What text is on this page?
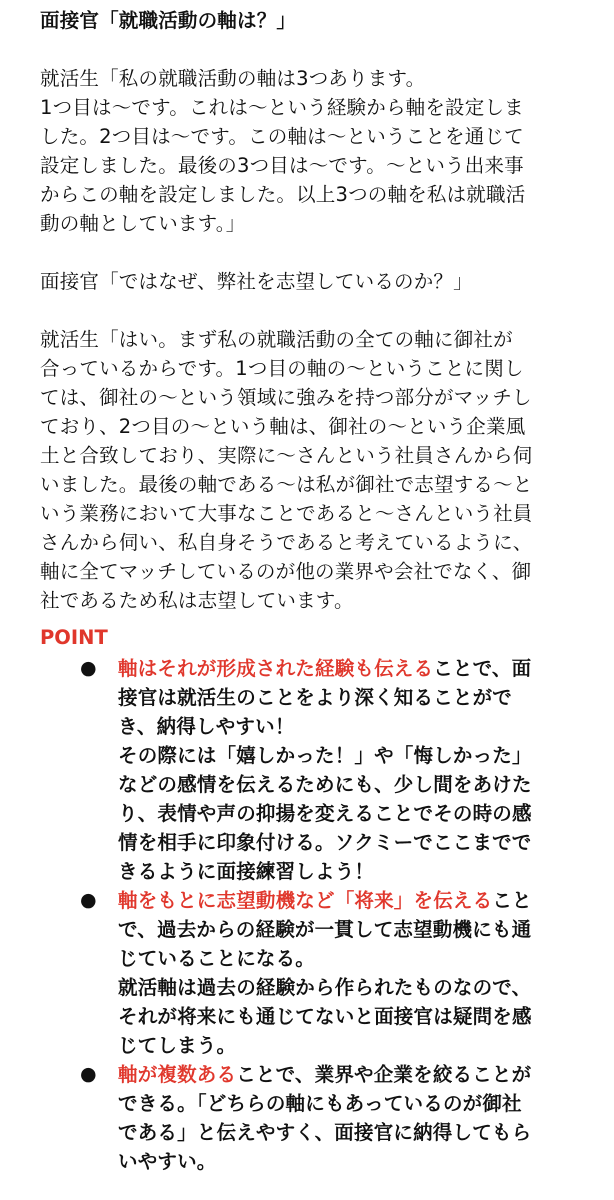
面接官「就職活動の軸は？」
就活生「私の就職活動の軸は3つあります。
1つ目は〜です。これは〜という経験から軸を設定しま
した。2つ目は〜です。この軸は〜ということを通じて
設定しました。最後の3つ目は〜です。〜という出来事
からこの軸を設定しました。以上3つの軸を私は就職活
動の軸としています。」
面接官「ではなぜ、弊社を志望しているのか？」
就活生「はい。まず私の就職活動の全ての軸に御社が
合っているからです。1つ目の軸の〜ということに関し
ては、御社の〜という領域に強みを持つ部分がマッチし
ており、2つ目の〜という軸は、御社の〜という企業風
土と合致しており、実際に〜さんという社員さんから伺
いました。最後の軸である〜は私が御社で志望する〜と
いう業務において大事なことであると〜さんという社員
さんから伺い、私自身そうであると考えているように、
軸に全てマッチしているのが他の業界や会社でなく、御
社であるため私は志望しています。
POINT
● 軸はそれが形成された経験も伝えることで、面
接官は就活生のことをより深く知ることがで
き、納得しやすい！
その際には「嬉しかった！」や「悔しかった」
などの感情を伝えるためにも、少し間をあけた
り、表情や声の抑揚を変えることでその時の感
情を相手に印象付ける。ソクミーでここまでで
きるように面接練習しよう！
● 軸をもとに志望動機など「将来」を伝えること
で、過去からの経験が一貫して志望動機にも通
じていることになる。
就活軸は過去の経験から作られたものなので、
それが将来にも通じてないと面接官は疑問を感
じてしまう。
● 軸が複数あることで、業界や企業を絞ることが
できる。「どちらの軸にもあっているのが御社
である」と伝えやすく、面接官に納得してもら
いやすい。
